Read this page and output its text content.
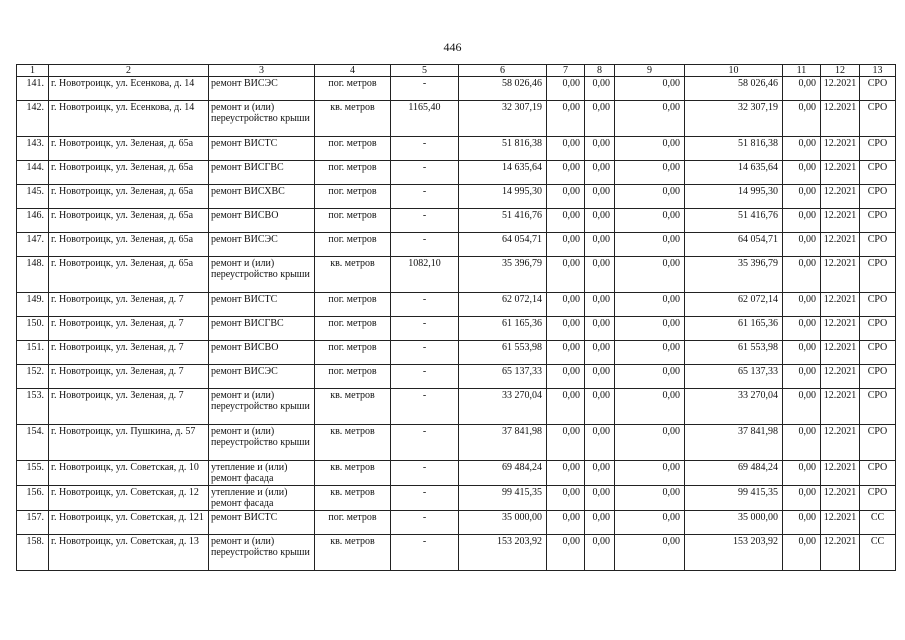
446
1	2	3	4	5	6	7	8	9	10	11	12	13
141.	г. Новотроицк, ул. Есенкова, д. 14	ремонт ВИСЭС	пог. метров	-	58 026,46	0,00	0,00	0,00	58 026,46	0,00	12.2021	СРО
142.	г. Новотроицк, ул. Есенкова, д. 14	ремонт и (или) переустройство крыши	кв. метров	1165,40	32 307,19	0,00	0,00	0,00	32 307,19	0,00	12.2021	СРО
143.	г. Новотроицк, ул. Зеленая, д. 65а	ремонт ВИСТС	пог. метров	-	51 816,38	0,00	0,00	0,00	51 816,38	0,00	12.2021	СРО
144.	г. Новотроицк, ул. Зеленая, д. 65а	ремонт ВИСГВС	пог. метров	-	14 635,64	0,00	0,00	0,00	14 635,64	0,00	12.2021	СРО
145.	г. Новотроицк, ул. Зеленая, д. 65а	ремонт ВИСХВС	пог. метров	-	14 995,30	0,00	0,00	0,00	14 995,30	0,00	12.2021	СРО
146.	г. Новотроицк, ул. Зеленая, д. 65а	ремонт ВИСВО	пог. метров	-	51 416,76	0,00	0,00	0,00	51 416,76	0,00	12.2021	СРО
147.	г. Новотроицк, ул. Зеленая, д. 65а	ремонт ВИСЭС	пог. метров	-	64 054,71	0,00	0,00	0,00	64 054,71	0,00	12.2021	СРО
148.	г. Новотроицк, ул. Зеленая, д. 65а	ремонт и (или) переустройство крыши	кв. метров	1082,10	35 396,79	0,00	0,00	0,00	35 396,79	0,00	12.2021	СРО
149.	г. Новотроицк, ул. Зеленая, д. 7	ремонт ВИСТС	пог. метров	-	62 072,14	0,00	0,00	0,00	62 072,14	0,00	12.2021	СРО
150.	г. Новотроицк, ул. Зеленая, д. 7	ремонт ВИСГВС	пог. метров	-	61 165,36	0,00	0,00	0,00	61 165,36	0,00	12.2021	СРО
151.	г. Новотроицк, ул. Зеленая, д. 7	ремонт ВИСВО	пог. метров	-	61 553,98	0,00	0,00	0,00	61 553,98	0,00	12.2021	СРО
152.	г. Новотроицк, ул. Зеленая, д. 7	ремонт ВИСЭС	пог. метров	-	65 137,33	0,00	0,00	0,00	65 137,33	0,00	12.2021	СРО
153.	г. Новотроицк, ул. Зеленая, д. 7	ремонт и (или) переустройство крыши	кв. метров	-	33 270,04	0,00	0,00	0,00	33 270,04	0,00	12.2021	СРО
154.	г. Новотроицк, ул. Пушкина, д. 57	ремонт и (или) переустройство крыши	кв. метров	-	37 841,98	0,00	0,00	0,00	37 841,98	0,00	12.2021	СРО
155.	г. Новотроицк, ул. Советская, д. 10	утепление и (или) ремонт фасада	кв. метров	-	69 484,24	0,00	0,00	0,00	69 484,24	0,00	12.2021	СРО
156.	г. Новотроицк, ул. Советская, д. 12	утепление и (или) ремонт фасада	кв. метров	-	99 415,35	0,00	0,00	0,00	99 415,35	0,00	12.2021	СРО
157.	г. Новотроицк, ул. Советская, д. 121	ремонт ВИСТС	пог. метров	-	35 000,00	0,00	0,00	0,00	35 000,00	0,00	12.2021	СС
158.	г. Новотроицк, ул. Советская, д. 13	ремонт и (или) переустройство крыши	кв. метров	-	153 203,92	0,00	0,00	0,00	153 203,92	0,00	12.2021	СС
